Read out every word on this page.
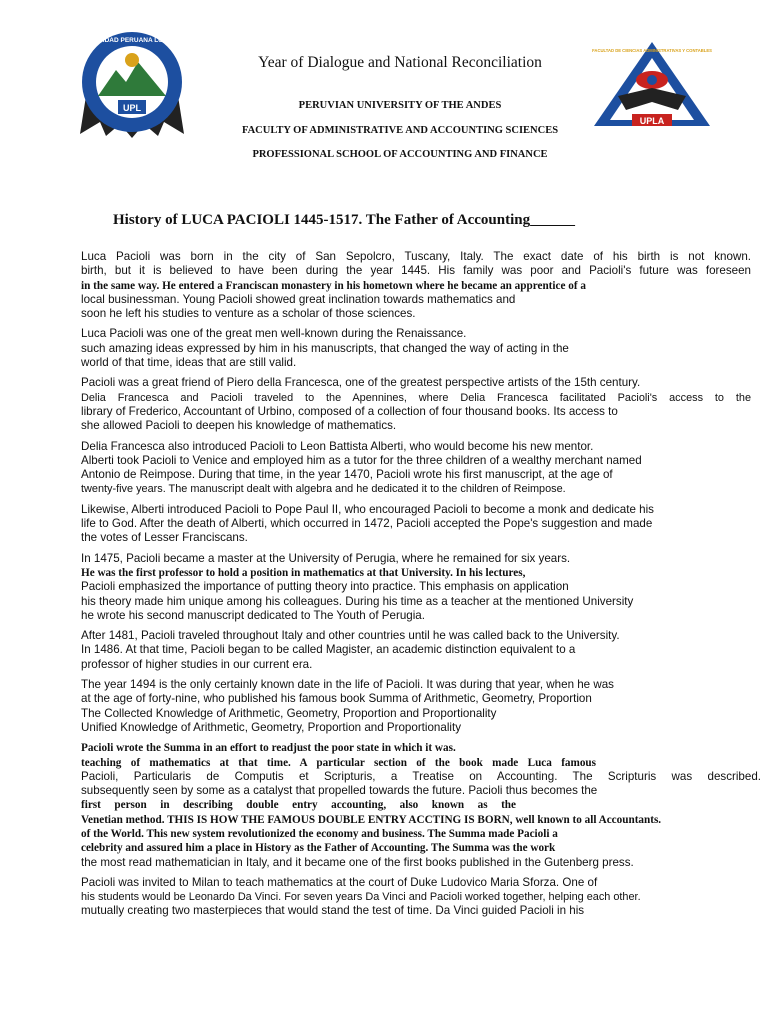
UPL
UNIVER SIDAD PERUANA LOS ANDES
UPLA
FACULTAD DE CIENCIAS ADMINISTRATIVAS Y CONTABLES
Year of Dialogue and National Reconciliation
PERUVIAN UNIVERSITY OF THE ANDES
FACULTY OF ADMINISTRATIVE AND ACCOUNTING SCIENCES
PROFESSIONAL SCHOOL OF ACCOUNTING AND FINANCE
History of LUCA PACIOLI 1445-1517. The Father of Accounting
Luca Pacioli was born in the city of San Sepolcro, Tuscany, Italy. The exact date of his birth is not known.
birth, but it is believed to have been during the year 1445. His family was poor and Pacioli's future was foreseen
in the same way. He entered a Franciscan monastery in his hometown where he became an apprentice of a
local businessman. Young Pacioli showed great inclination towards mathematics and
soon he left his studies to venture as a scholar of those sciences.
Luca Pacioli was one of the great men well-known during the Renaissance.
such amazing ideas expressed by him in his manuscripts, that changed the way of acting in the
world of that time, ideas that are still valid.
Pacioli was a great friend of Piero della Francesca, one of the greatest perspective artists of the 15th century.
Delia Francesca and Pacioli traveled to the Apennines, where Delia Francesca facilitated Pacioli's access to the
library of Frederico, Accountant of Urbino, composed of a collection of four thousand books. Its access to
she allowed Pacioli to deepen his knowledge of mathematics.
Delia Francesca also introduced Pacioli to Leon Battista Alberti, who would become his new mentor.
Alberti took Pacioli to Venice and employed him as a tutor for the three children of a wealthy merchant named
Antonio de Reimpose. During that time, in the year 1470, Pacioli wrote his first manuscript, at the age of
twenty-five years. The manuscript dealt with algebra and he dedicated it to the children of Reimpose.
Likewise, Alberti introduced Pacioli to Pope Paul II, who encouraged Pacioli to become a monk and dedicate his
life to God. After the death of Alberti, which occurred in 1472, Pacioli accepted the Pope's suggestion and made
the votes of Lesser Franciscans.
In 1475, Pacioli became a master at the University of Perugia, where he remained for six years.
He was the first professor to hold a position in mathematics at that University. In his lectures,
Pacioli emphasized the importance of putting theory into practice. This emphasis on application
his theory made him unique among his colleagues. During his time as a teacher at the mentioned University
he wrote his second manuscript dedicated to The Youth of Perugia.
After 1481, Pacioli traveled throughout Italy and other countries until he was called back to the University.
In 1486. At that time, Pacioli began to be called Magister, an academic distinction equivalent to a
professor of higher studies in our current era.
The year 1494 is the only certainly known date in the life of Pacioli. It was during that year, when he was
at the age of forty-nine, who published his famous book Summa of Arithmetic, Geometry, Proportion
The Collected Knowledge of Arithmetic, Geometry, Proportion and Proportionality
Unified Knowledge of Arithmetic, Geometry, Proportion and Proportionality
Pacioli wrote the Summa in an effort to readjust the poor state in which it was.
teaching of mathematics at that time. A particular section of the book made Luca famous
Pacioli, Particularis de Computis et Scripturis, a Treatise on Accounting. The Scripturis was described.
subsequently seen by some as a catalyst that propelled towards the future. Pacioli thus becomes the
first person in describing double entry accounting, also known as the
Venetian method. THIS IS HOW THE FAMOUS DOUBLE ENTRY ACCTING IS BORN, well known to all Accountants.
of the World. This new system revolutionized the economy and business. The Summa made Pacioli a
celebrity and assured him a place in History as the Father of Accounting. The Summa was the work
the most read mathematician in Italy, and it became one of the first books published in the Gutenberg press.
Pacioli was invited to Milan to teach mathematics at the court of Duke Ludovico Maria Sforza. One of
his students would be Leonardo Da Vinci. For seven years Da Vinci and Pacioli worked together, helping each other.
mutually creating two masterpieces that would stand the test of time. Da Vinci guided Pacioli in his
